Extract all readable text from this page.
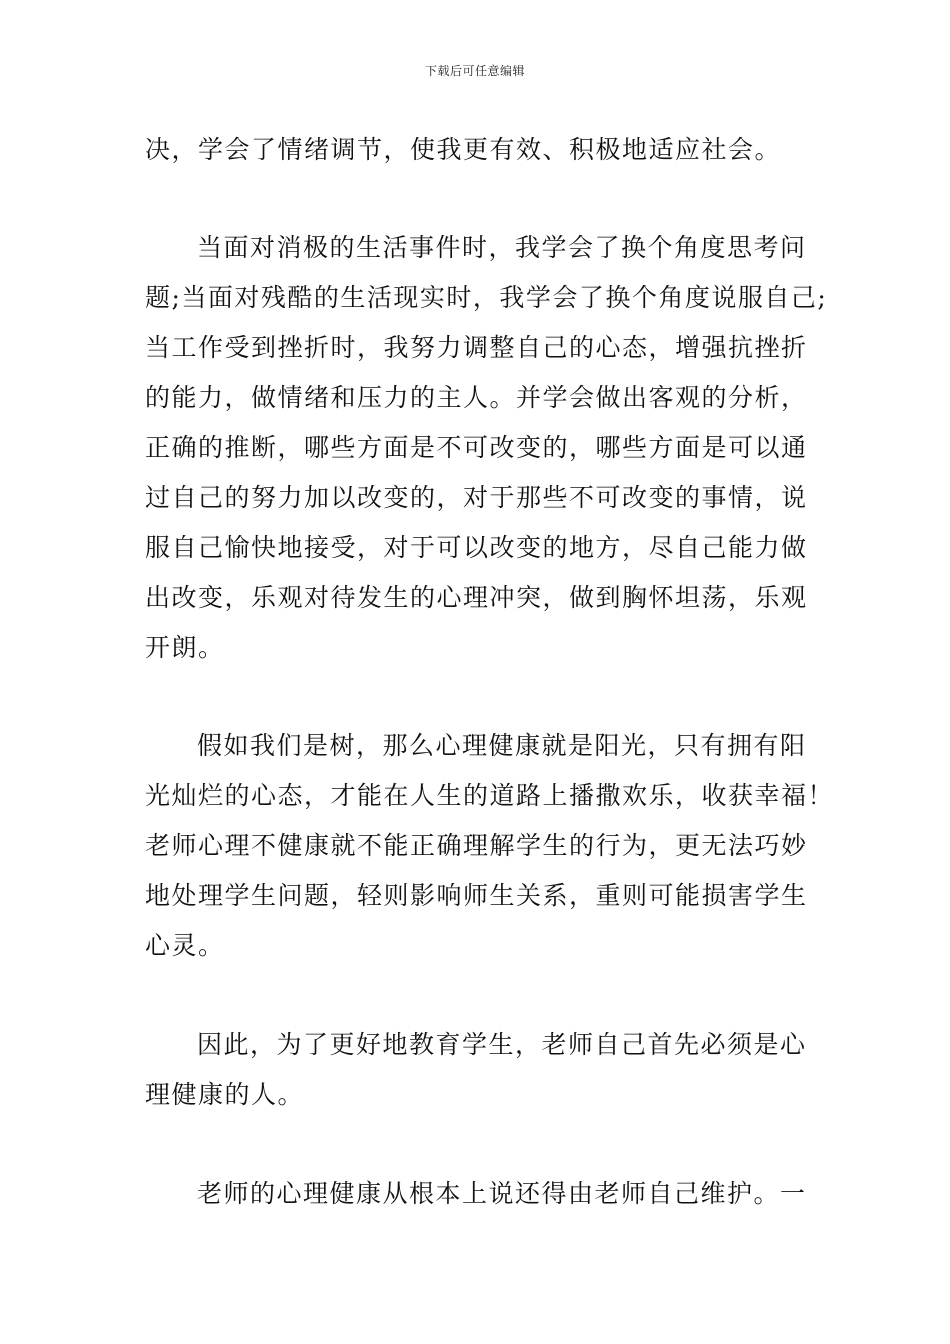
下载后可任意编辑
决，学会了情绪调节，使我更有效、积极地适应社会。
当面对消极的生活事件时，我学会了换个角度思考问
题;当面对残酷的生活现实时，我学会了换个角度说服自己;
当工作受到挫折时，我努力调整自己的心态，增强抗挫折
的能力，做情绪和压力的主人。并学会做出客观的分析，
正确的推断，哪些方面是不可改变的，哪些方面是可以通
过自己的努力加以改变的，对于那些不可改变的事情，说
服自己愉快地接受，对于可以改变的地方，尽自己能力做
出改变，乐观对待发生的心理冲突，做到胸怀坦荡，乐观
开朗。
假如我们是树，那么心理健康就是阳光，只有拥有阳
光灿烂的心态，才能在人生的道路上播撒欢乐，收获幸福！
老师心理不健康就不能正确理解学生的行为，更无法巧妙
地处理学生问题，轻则影响师生关系，重则可能损害学生
心灵。
因此，为了更好地教育学生，老师自己首先必须是心
理健康的人。
老师的心理健康从根本上说还得由老师自己维护。一
